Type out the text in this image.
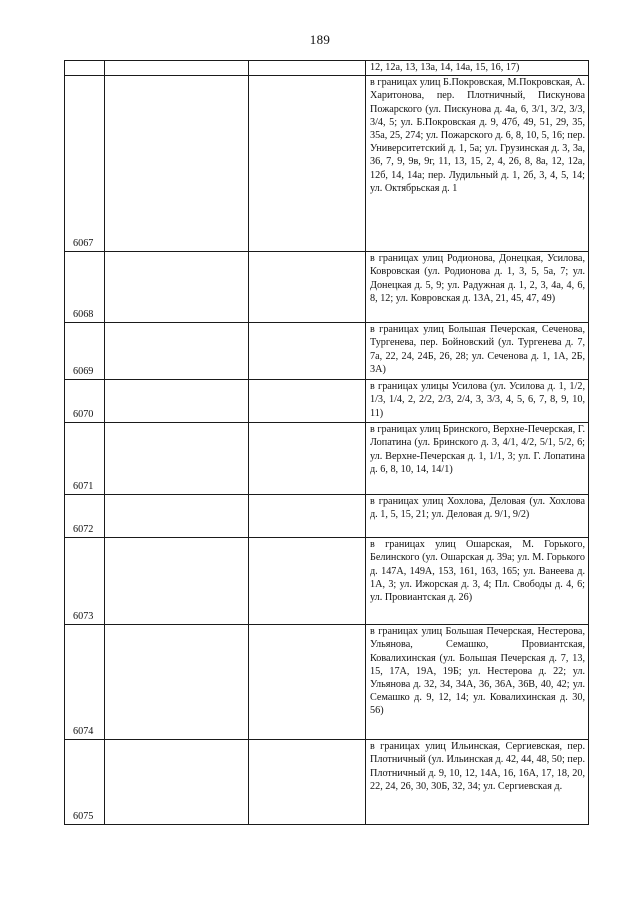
189
			12, 12а, 13, 13а, 14, 14а, 15, 16, 17)
6067			в границах улиц Б.Покровская, М.Покровская, А. Харитонова, пер. Плотничный, Пискунова Пожарского (ул. Пискунова д. 4а, 6, 3/1, 3/2, 3/3, 3/4, 5; ул. Б.Покровская д. 9, 47б, 49, 51, 29, 35, 35а, 25, 274; ул. Пожарского д. 6, 8, 10, 5, 16; пер. Университетский д. 1, 5а; ул. Грузинская д. 3, 3а, 36, 7, 9, 9в, 9г, 11, 13, 15, 2, 4, 26, 8, 8а, 12, 12а, 12б, 14, 14а; пер. Лудильный д. 1, 2б, 3, 4, 5, 14; ул. Октябрьская д. 1
6068			в границах улиц Родионова, Донецкая, Усилова, Ковровская (ул. Родионова д. 1, 3, 5, 5а, 7; ул. Донецкая д. 5, 9; ул. Радужная д. 1, 2, 3, 4а, 4, 6, 8, 12; ул. Ковровская д. 13А, 21, 45, 47, 49)
6069			в границах улиц Большая Печерская, Сеченова, Тургенева, пер. Бойновский (ул. Тургенева д. 7, 7а, 22, 24, 24Б, 26, 28; ул. Сеченова д. 1, 1А, 2Б, 3А)
6070			в границах улицы Усилова (ул. Усилова д. 1, 1/2, 1/3, 1/4, 2, 2/2, 2/3, 2/4, 3, 3/3, 4, 5, 6, 7, 8, 9, 10, 11)
6071			в границах улиц Бринского, Верхне-Печерская, Г. Лопатина (ул. Бринского д. 3, 4/1, 4/2, 5/1, 5/2, 6; ул. Верхне-Печерская д. 1, 1/1, 3; ул. Г. Лопатина д. 6, 8, 10, 14, 14/1)
6072			в границах улиц Хохлова, Деловая (ул. Хохлова д. 1, 5, 15, 21; ул. Деловая д. 9/1, 9/2)
6073			в границах улиц Ошарская, М. Горького, Белинского (ул. Ошарская д. 39а; ул. М. Горького д. 147А, 149А, 153, 161, 163, 165; ул. Ванеева д. 1А, 3; ул. Ижорская д. 3, 4; Пл. Свободы д. 4, 6; ул. Провиантская д. 26)
6074			в границах улиц Большая Печерская, Нестерова, Ульянова, Семашко, Провиантская, Ковалихинская (ул. Большая Печерская д. 7, 13, 15, 17А, 19А, 19Б; ул. Нестерова д. 22; ул. Ульянова д. 32, 34, 34А, 36, 36А, 36В, 40, 42; ул. Семашко д. 9, 12, 14; ул. Ковалихинская д. 30, 56)
6075			в границах улиц Ильинская, Сергиевская, пер. Плотничный (ул. Ильинская д. 42, 44, 48, 50; пер. Плотничный д. 9, 10, 12, 14А, 16, 16А, 17, 18, 20, 22, 24, 26, 30, 30Б, 32, 34; ул. Сергиевская д.
